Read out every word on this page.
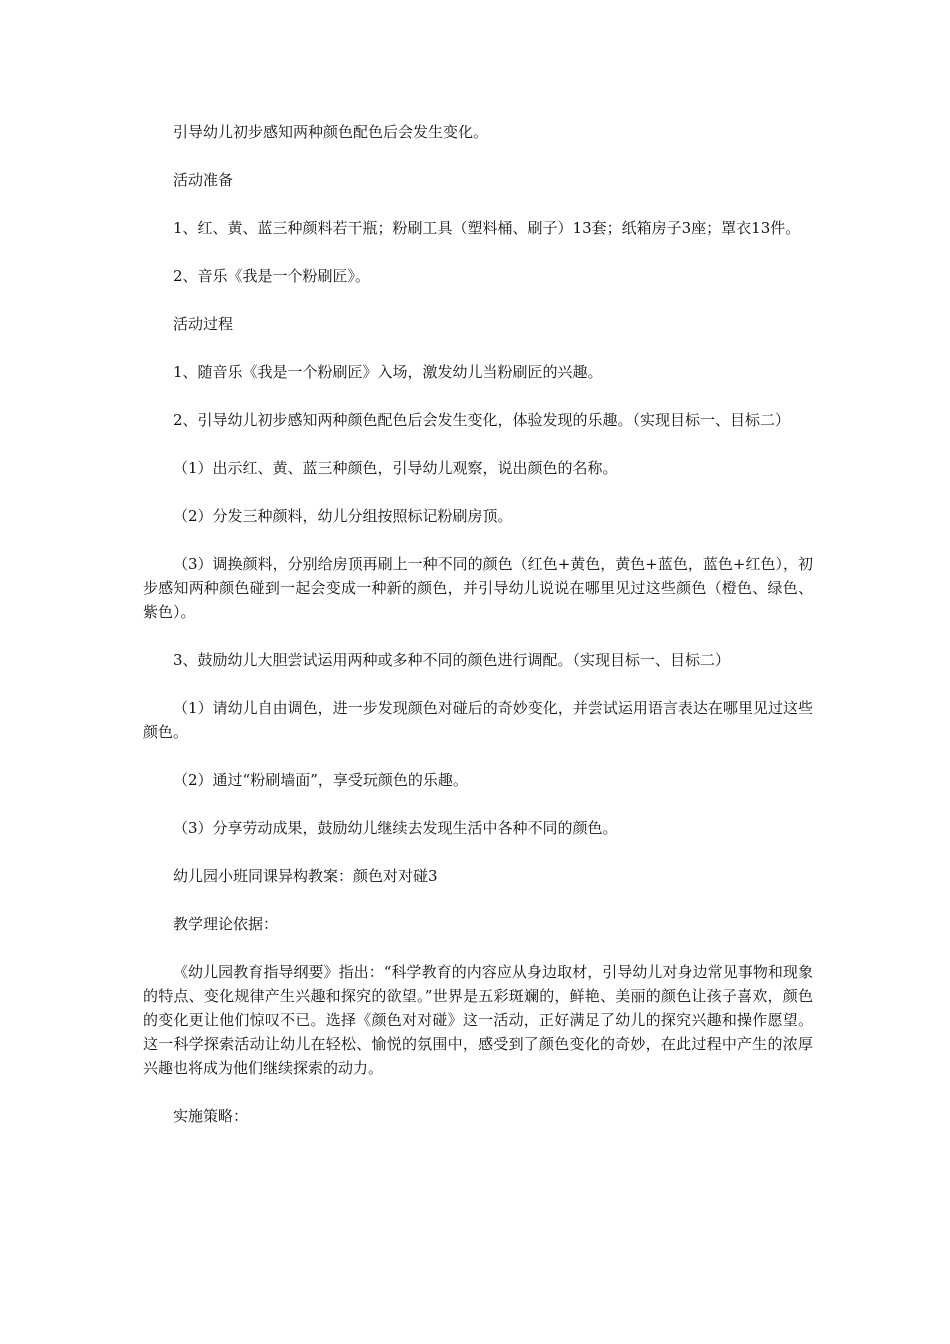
引导幼儿初步感知两种颜色配色后会发生变化。

活动准备

1、红、黄、蓝三种颜料若干瓶；粉刷工具（塑料桶、刷子）13套；纸箱房子3座；罩衣13件。

2、音乐《我是一个粉刷匠》。

活动过程

1、随音乐《我是一个粉刷匠》入场，激发幼儿当粉刷匠的兴趣。

2、引导幼儿初步感知两种颜色配色后会发生变化，体验发现的乐趣。（实现目标一、目标二）

（1）出示红、黄、蓝三种颜色，引导幼儿观察，说出颜色的名称。

（2）分发三种颜料，幼儿分组按照标记粉刷房顶。

（3）调换颜料，分别给房顶再刷上一种不同的颜色（红色+黄色，黄色+蓝色，蓝色+红色），初步感知两种颜色碰到一起会变成一种新的颜色，并引导幼儿说说在哪里见过这些颜色（橙色、绿色、紫色）。

3、鼓励幼儿大胆尝试运用两种或多种不同的颜色进行调配。（实现目标一、目标二）

（1）请幼儿自由调色，进一步发现颜色对碰后的奇妙变化，并尝试运用语言表达在哪里见过这些颜色。

（2）通过“粉刷墙面”，享受玩颜色的乐趣。

（3）分享劳动成果，鼓励幼儿继续去发现生活中各种不同的颜色。

幼儿园小班同课异构教案：颜色对对碰3

教学理论依据：

《幼儿园教育指导纲要》指出：“科学教育的内容应从身边取材，引导幼儿对身边常见事物和现象的特点、变化规律产生兴趣和探究的欲望。”世界是五彩斑斓的，鲜艳、美丽的颜色让孩子喜欢，颜色的变化更让他们惊叹不已。选择《颜色对对碰》这一活动，正好满足了幼儿的探究兴趣和操作愿望。这一科学探索活动让幼儿在轻松、愉悦的氛围中，感受到了颜色变化的奇妙，在此过程中产生的浓厚兴趣也将成为他们继续探索的动力。

实施策略：
